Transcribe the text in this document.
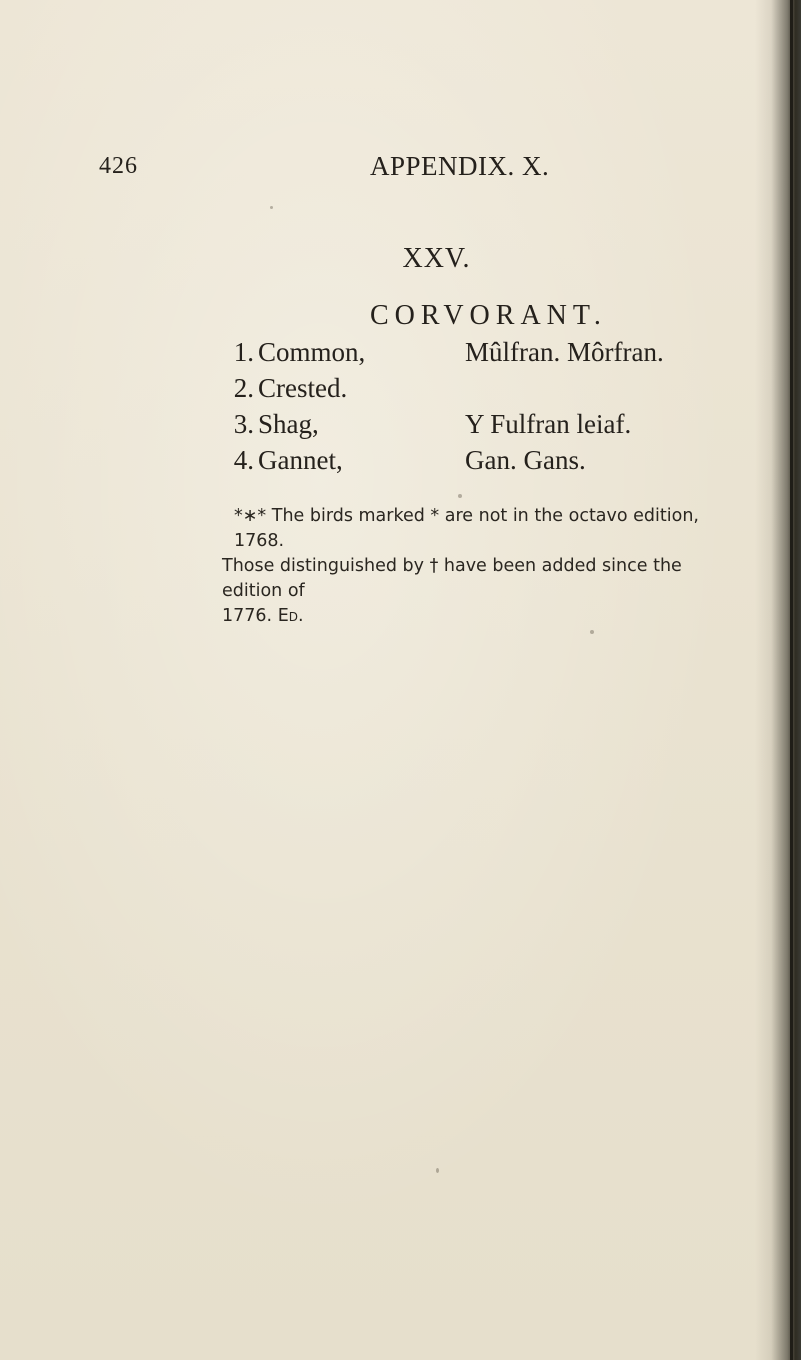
426	APPENDIX. X.
XXV.
CORVORANT.
1. Common,	Mûlfran. Môrfran.
2. Crested.
3. Shag,	Y Fulfran leiaf.
4. Gannet,	Gan. Gans.

*∗* The birds marked * are not in the octavo edition, 1768.

Those distinguished by † have been added since the edition of

1776. Ed.
